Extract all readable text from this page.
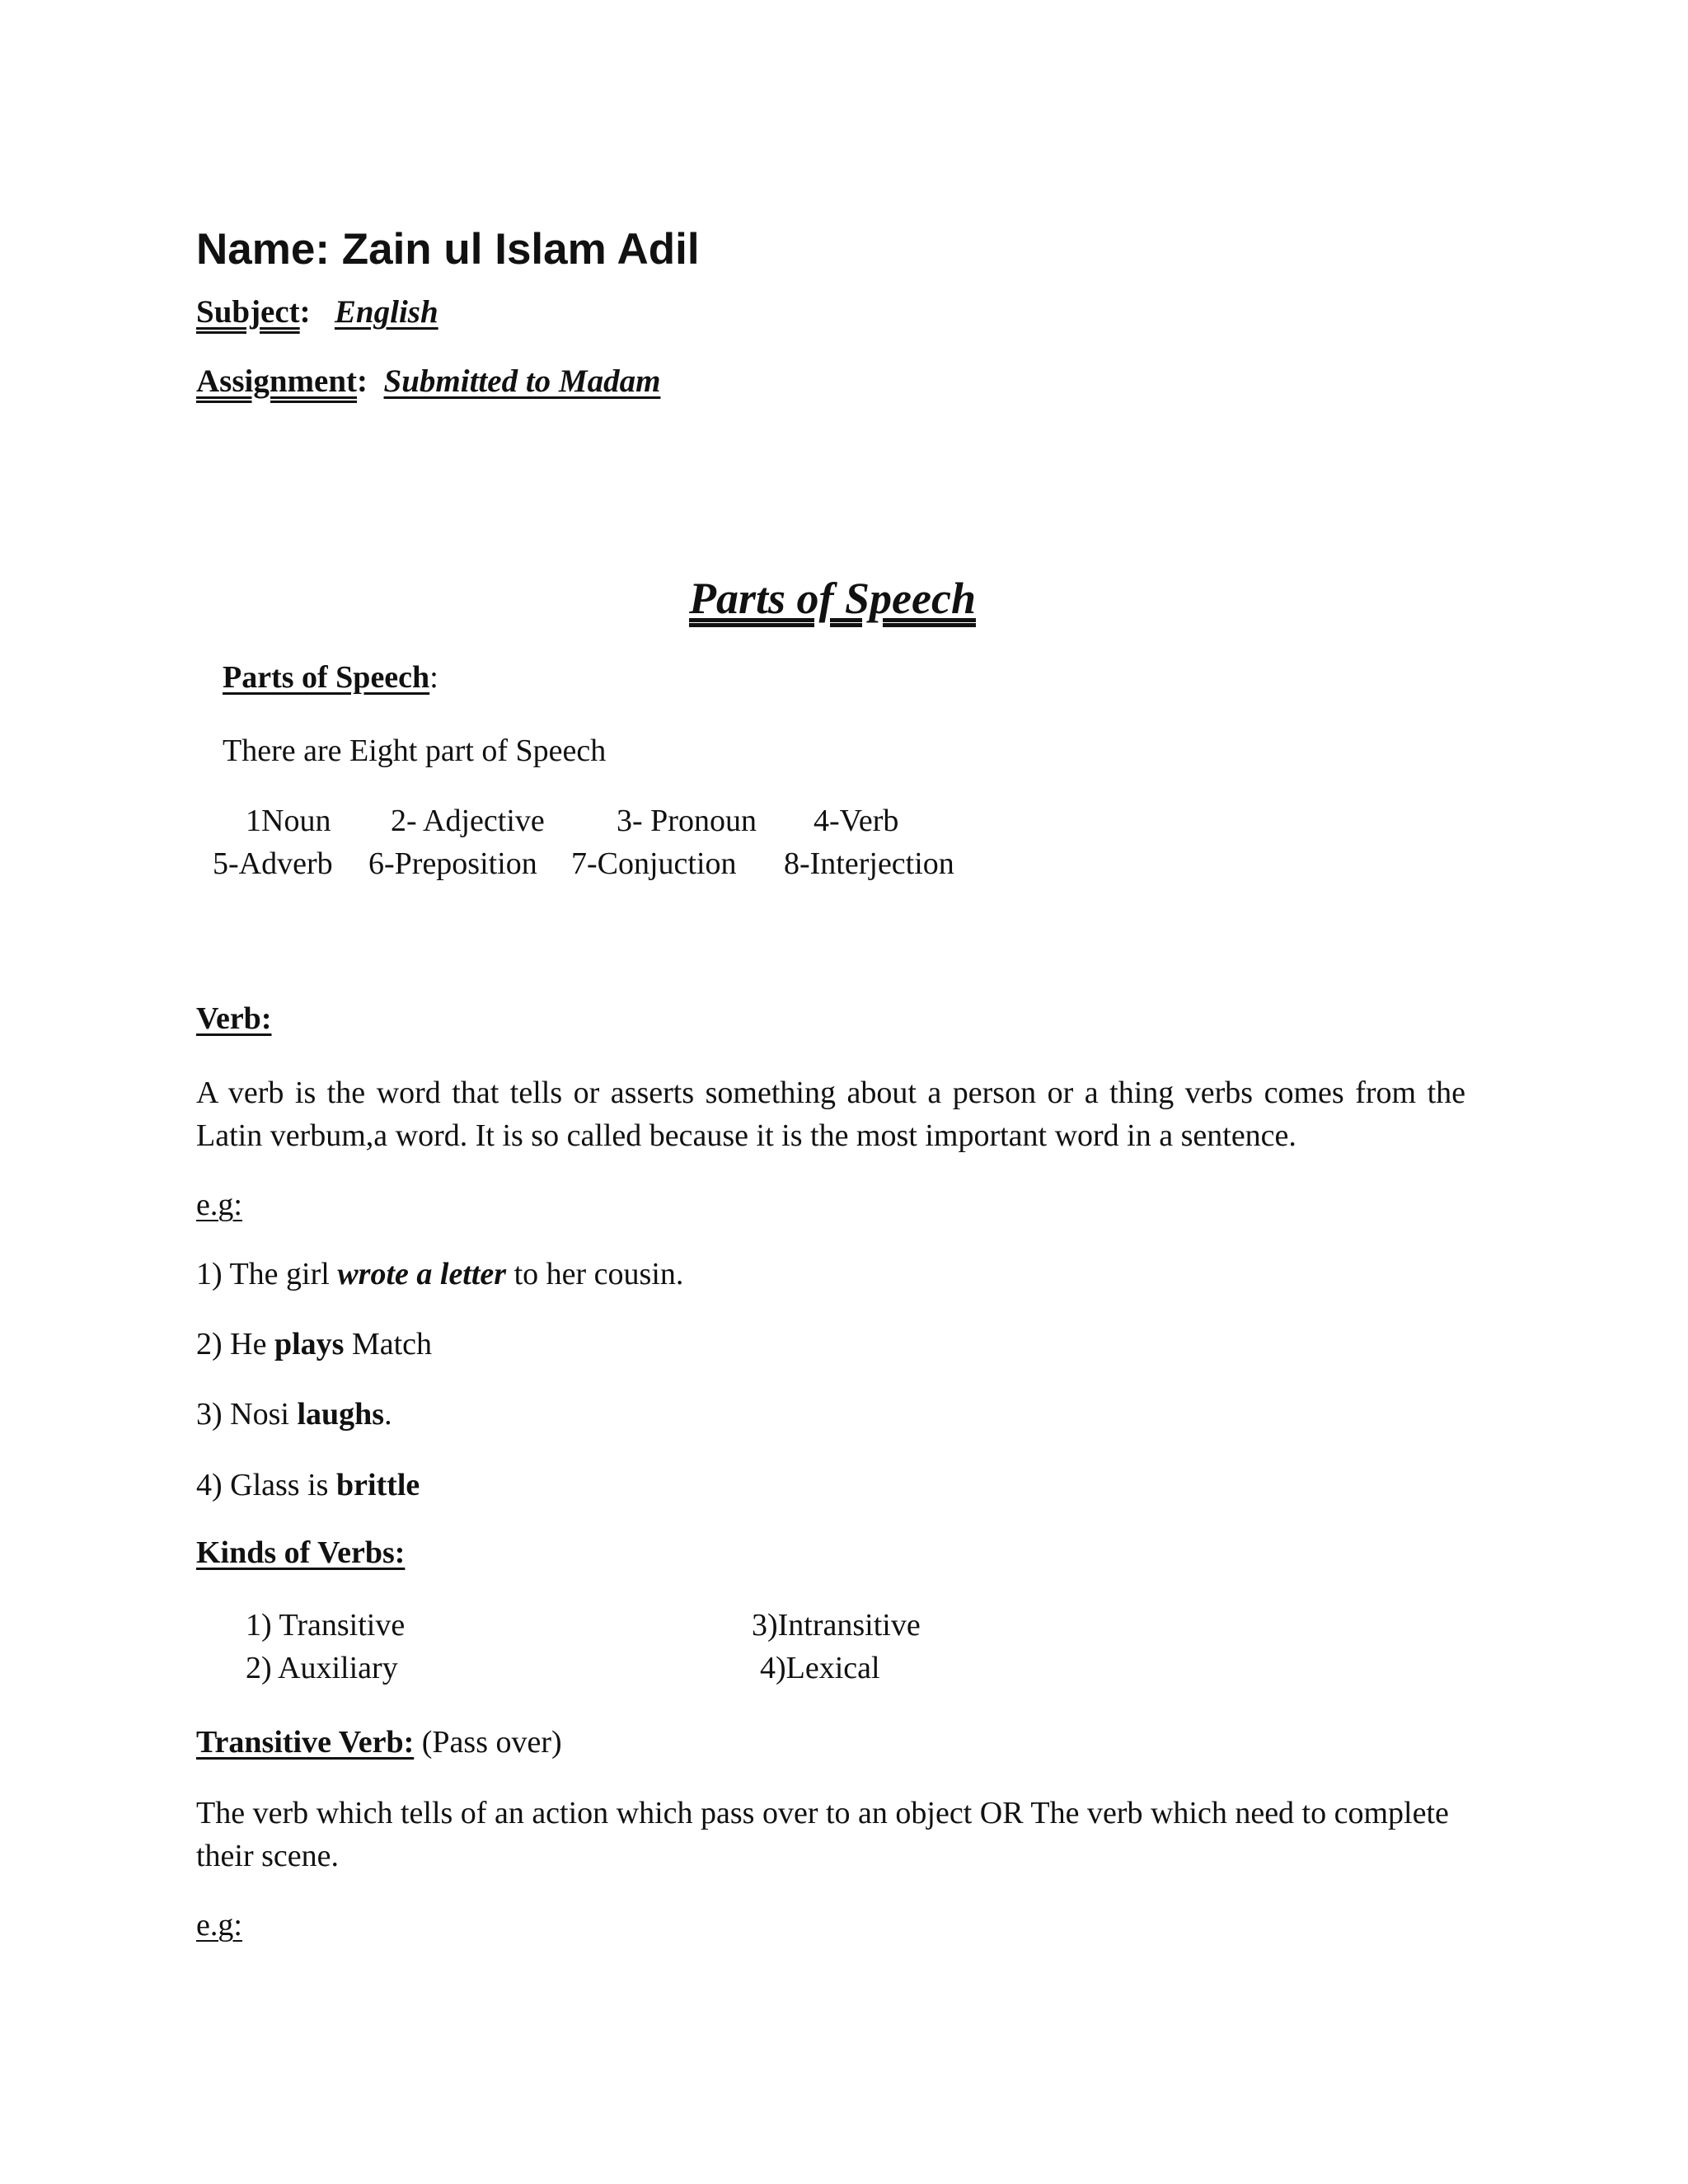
Name: Zain ul Islam Adil
Subject: English
Assignment: Submitted to Madam
Parts of Speech
Parts of Speech:
There are Eight part of Speech
1Noun 2- Adjective 3- Pronoun 4-Verb
5-Adverb 6-Preposition 7-Conjuction 8-Interjection
Verb:
A verb is the word that tells or asserts something about a person or a thing verbs comes from the Latin verbum,a word. It is so called because it is the most important word in a sentence.
e.g:
1) The girl wrote a letter to her cousin.
2) He plays Match
3) Nosi laughs.
4) Glass is brittle
Kinds of Verbs:
1) Transitive
2) Auxiliary
3)Intransitive
4)Lexical
Transitive Verb: (Pass over)
The verb which tells of an action which pass over to an object OR The verb which need to complete their scene.
e.g:
